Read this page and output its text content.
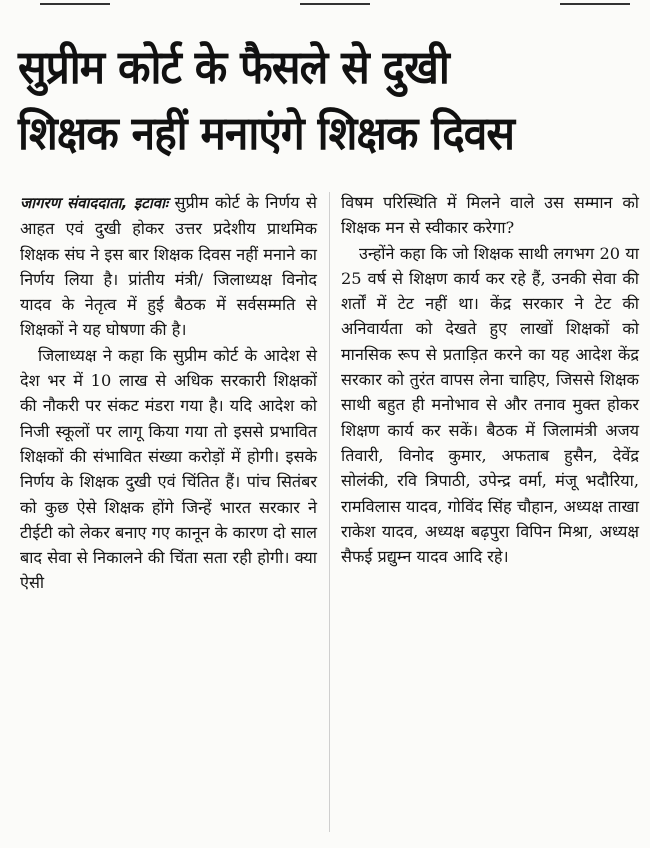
सुप्रीम कोर्ट के फैसले से दुखी
शिक्षक नहीं मनाएंगे शिक्षक दिवस

जागरण संवाददाता, इटावाः सुप्रीम कोर्ट के निर्णय से आहत एवं दुखी होकर उत्तर प्रदेशीय प्राथमिक शिक्षक संघ ने इस बार शिक्षक दिवस नहीं मनाने का निर्णय लिया है। प्रांतीय मंत्री/ जिलाध्यक्ष विनोद यादव के नेतृत्व में हुई बैठक में सर्वसम्मति से शिक्षकों ने यह घोषणा की है।

जिलाध्यक्ष ने कहा कि सुप्रीम कोर्ट के आदेश से देश भर में 10 लाख से अधिक सरकारी शिक्षकों की नौकरी पर संकट मंडरा गया है। यदि आदेश को निजी स्कूलों पर लागू किया गया तो इससे प्रभावित शिक्षकों की संभावित संख्या करोड़ों में होगी। इसके निर्णय के शिक्षक दुखी एवं चिंतित हैं। पांच सितंबर को कुछ ऐसे शिक्षक होंगे जिन्हें भारत सरकार ने टीईटी को लेकर बनाए गए कानून के कारण दो साल बाद सेवा से निकालने की चिंता सता रही होगी। क्या ऐसी

विषम परिस्थिति में मिलने वाले उस सम्मान को शिक्षक मन से स्वीकार करेगा?

उन्होंने कहा कि जो शिक्षक साथी लगभग 20 या 25 वर्ष से शिक्षण कार्य कर रहे हैं, उनकी सेवा की शर्तों में टेट नहीं था। केंद्र सरकार ने टेट की अनिवार्यता को देखते हुए लाखों शिक्षकों को मानसिक रूप से प्रताड़ित करने का यह आदेश केंद्र सरकार को तुरंत वापस लेना चाहिए, जिससे शिक्षक साथी बहुत ही मनोभाव से और तनाव मुक्त होकर शिक्षण कार्य कर सकें। बैठक में जिलामंत्री अजय तिवारी, विनोद कुमार, अफताब हुसैन, देवेंद्र सोलंकी, रवि त्रिपाठी, उपेन्द्र वर्मा, मंजू भदौरिया, रामविलास यादव, गोविंद सिंह चौहान, अध्यक्ष ताखा राकेश यादव, अध्यक्ष बढ़पुरा विपिन मिश्रा, अध्यक्ष सैफई प्रद्युम्न यादव आदि रहे।
